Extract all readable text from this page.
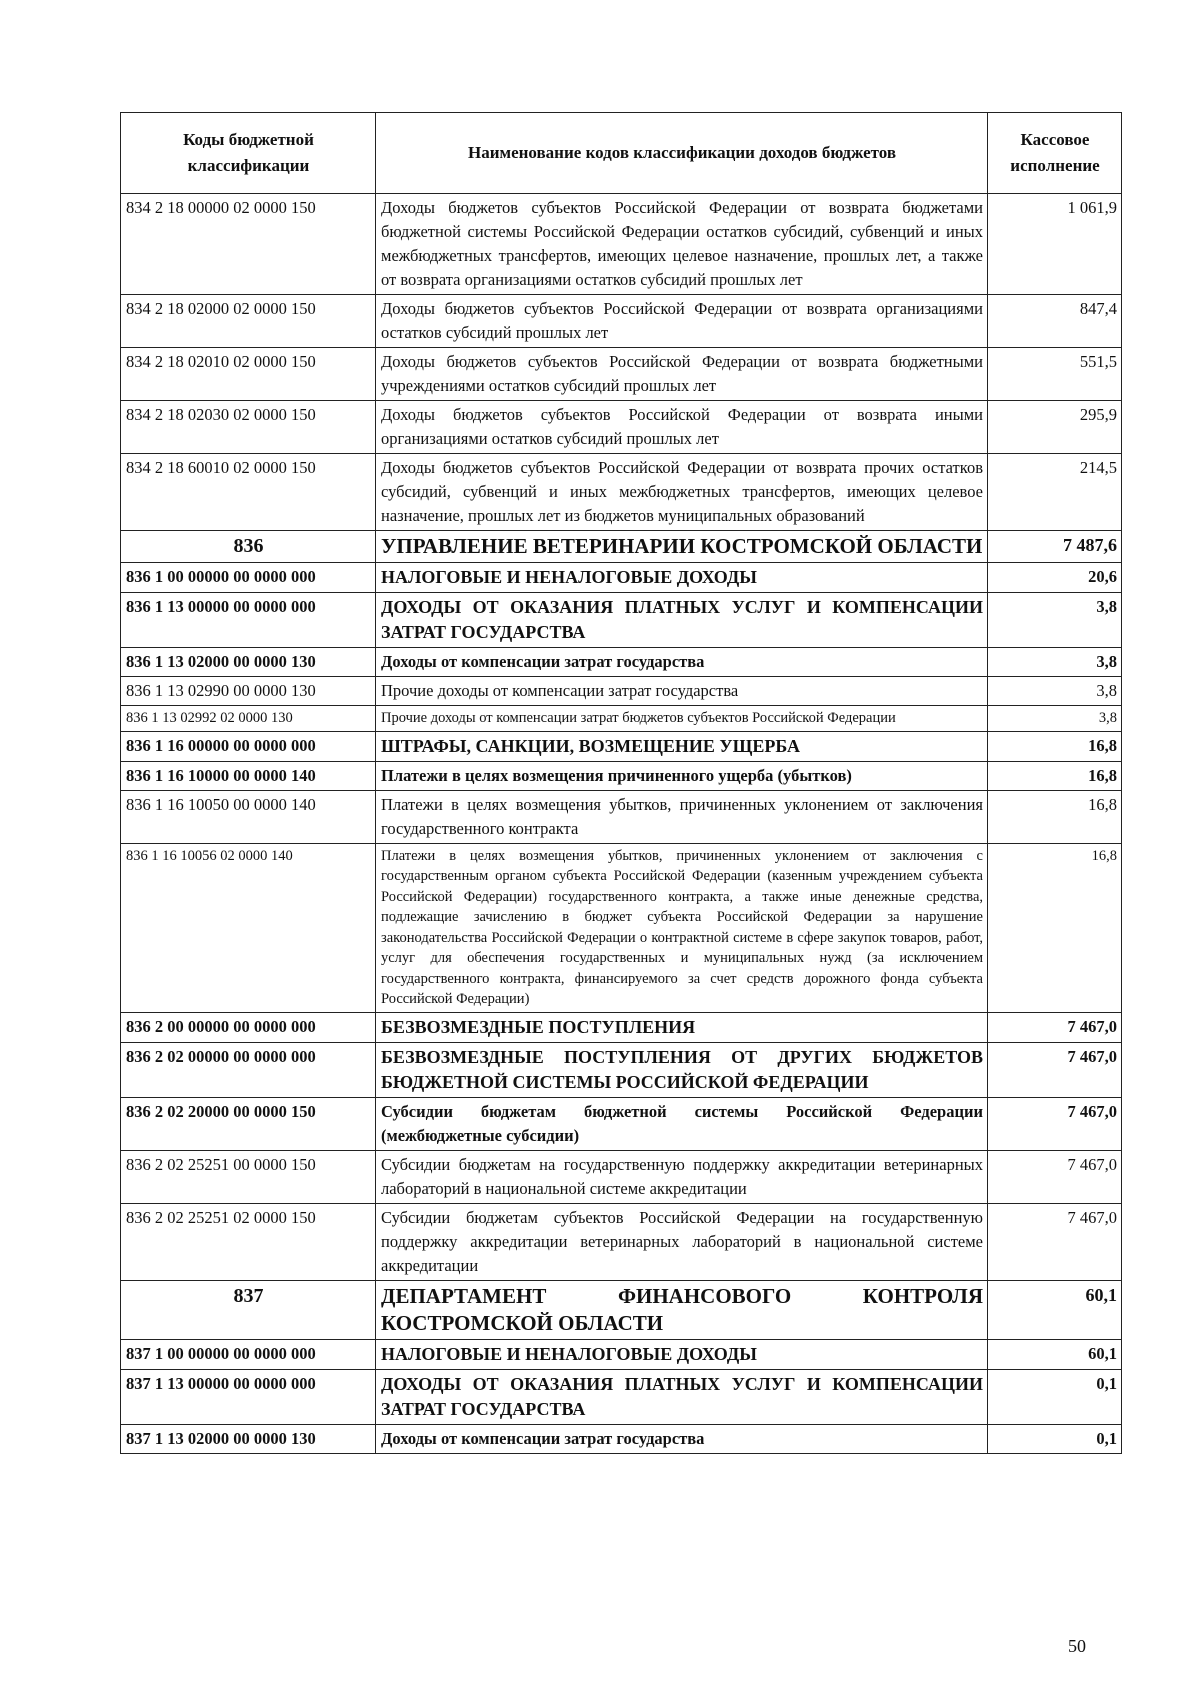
Коды бюджетной классификации	Наименование кодов классификации доходов бюджетов	Кассовое исполнение
834 2 18 00000 02 0000 150	Доходы бюджетов субъектов Российской Федерации от возврата бюджетами бюджетной системы Российской Федерации остатков субсидий, субвенций и иных межбюджетных трансфертов, имеющих целевое назначение, прошлых лет, а также от возврата организациями остатков субсидий прошлых лет	1 061,9
834 2 18 02000 02 0000 150	Доходы бюджетов субъектов Российской Федерации от возврата организациями остатков субсидий прошлых лет	847,4
834 2 18 02010 02 0000 150	Доходы бюджетов субъектов Российской Федерации от возврата бюджетными учреждениями остатков субсидий прошлых лет	551,5
834 2 18 02030 02 0000 150	Доходы бюджетов субъектов Российской Федерации от возврата иными организациями остатков субсидий прошлых лет	295,9
834 2 18 60010 02 0000 150	Доходы бюджетов субъектов Российской Федерации от возврата прочих остатков субсидий, субвенций и иных межбюджетных трансфертов, имеющих целевое назначение, прошлых лет из бюджетов муниципальных образований	214,5
836	УПРАВЛЕНИЕ ВЕТЕРИНАРИИ КОСТРОМСКОЙ ОБЛАСТИ	7 487,6
836 1 00 00000 00 0000 000	НАЛОГОВЫЕ И НЕНАЛОГОВЫЕ ДОХОДЫ	20,6
836 1 13 00000 00 0000 000	ДОХОДЫ ОТ ОКАЗАНИЯ ПЛАТНЫХ УСЛУГ И КОМПЕНСАЦИИ ЗАТРАТ ГОСУДАРСТВА	3,8
836 1 13 02000 00 0000 130	Доходы от компенсации затрат государства	3,8
836 1 13 02990 00 0000 130	Прочие доходы от компенсации затрат государства	3,8
836 1 13 02992 02 0000 130	Прочие доходы от компенсации затрат бюджетов субъектов Российской Федерации	3,8
836 1 16 00000 00 0000 000	ШТРАФЫ, САНКЦИИ, ВОЗМЕЩЕНИЕ УЩЕРБА	16,8
836 1 16 10000 00 0000 140	Платежи в целях возмещения причиненного ущерба (убытков)	16,8
836 1 16 10050 00 0000 140	Платежи в целях возмещения убытков, причиненных уклонением от заключения государственного контракта	16,8
836 1 16 10056 02 0000 140	Платежи в целях возмещения убытков, причиненных уклонением от заключения с государственным органом субъекта Российской Федерации (казенным учреждением субъекта Российской Федерации) государственного контракта, а также иные денежные средства, подлежащие зачислению в бюджет субъекта Российской Федерации за нарушение законодательства Российской Федерации о контрактной системе в сфере закупок товаров, работ, услуг для обеспечения государственных и муниципальных нужд (за исключением государственного контракта, финансируемого за счет средств дорожного фонда субъекта Российской Федерации)	16,8
836 2 00 00000 00 0000 000	БЕЗВОЗМЕЗДНЫЕ ПОСТУПЛЕНИЯ	7 467,0
836 2 02 00000 00 0000 000	БЕЗВОЗМЕЗДНЫЕ ПОСТУПЛЕНИЯ ОТ ДРУГИХ БЮДЖЕТОВ БЮДЖЕТНОЙ СИСТЕМЫ РОССИЙСКОЙ ФЕДЕРАЦИИ	7 467,0
836 2 02 20000 00 0000 150	Субсидии бюджетам бюджетной системы Российской Федерации (межбюджетные субсидии)	7 467,0
836 2 02 25251 00 0000 150	Субсидии бюджетам на государственную поддержку аккредитации ветеринарных лабораторий в национальной системе аккредитации	7 467,0
836 2 02 25251 02 0000 150	Субсидии бюджетам субъектов Российской Федерации на государственную поддержку аккредитации ветеринарных лабораторий в национальной системе аккредитации	7 467,0
837	ДЕПАРТАМЕНТ ФИНАНСОВОГО КОНТРОЛЯ КОСТРОМСКОЙ ОБЛАСТИ	60,1
837 1 00 00000 00 0000 000	НАЛОГОВЫЕ И НЕНАЛОГОВЫЕ ДОХОДЫ	60,1
837 1 13 00000 00 0000 000	ДОХОДЫ ОТ ОКАЗАНИЯ ПЛАТНЫХ УСЛУГ И КОМПЕНСАЦИИ ЗАТРАТ ГОСУДАРСТВА	0,1
837 1 13 02000 00 0000 130	Доходы от компенсации затрат государства	0,1
50
